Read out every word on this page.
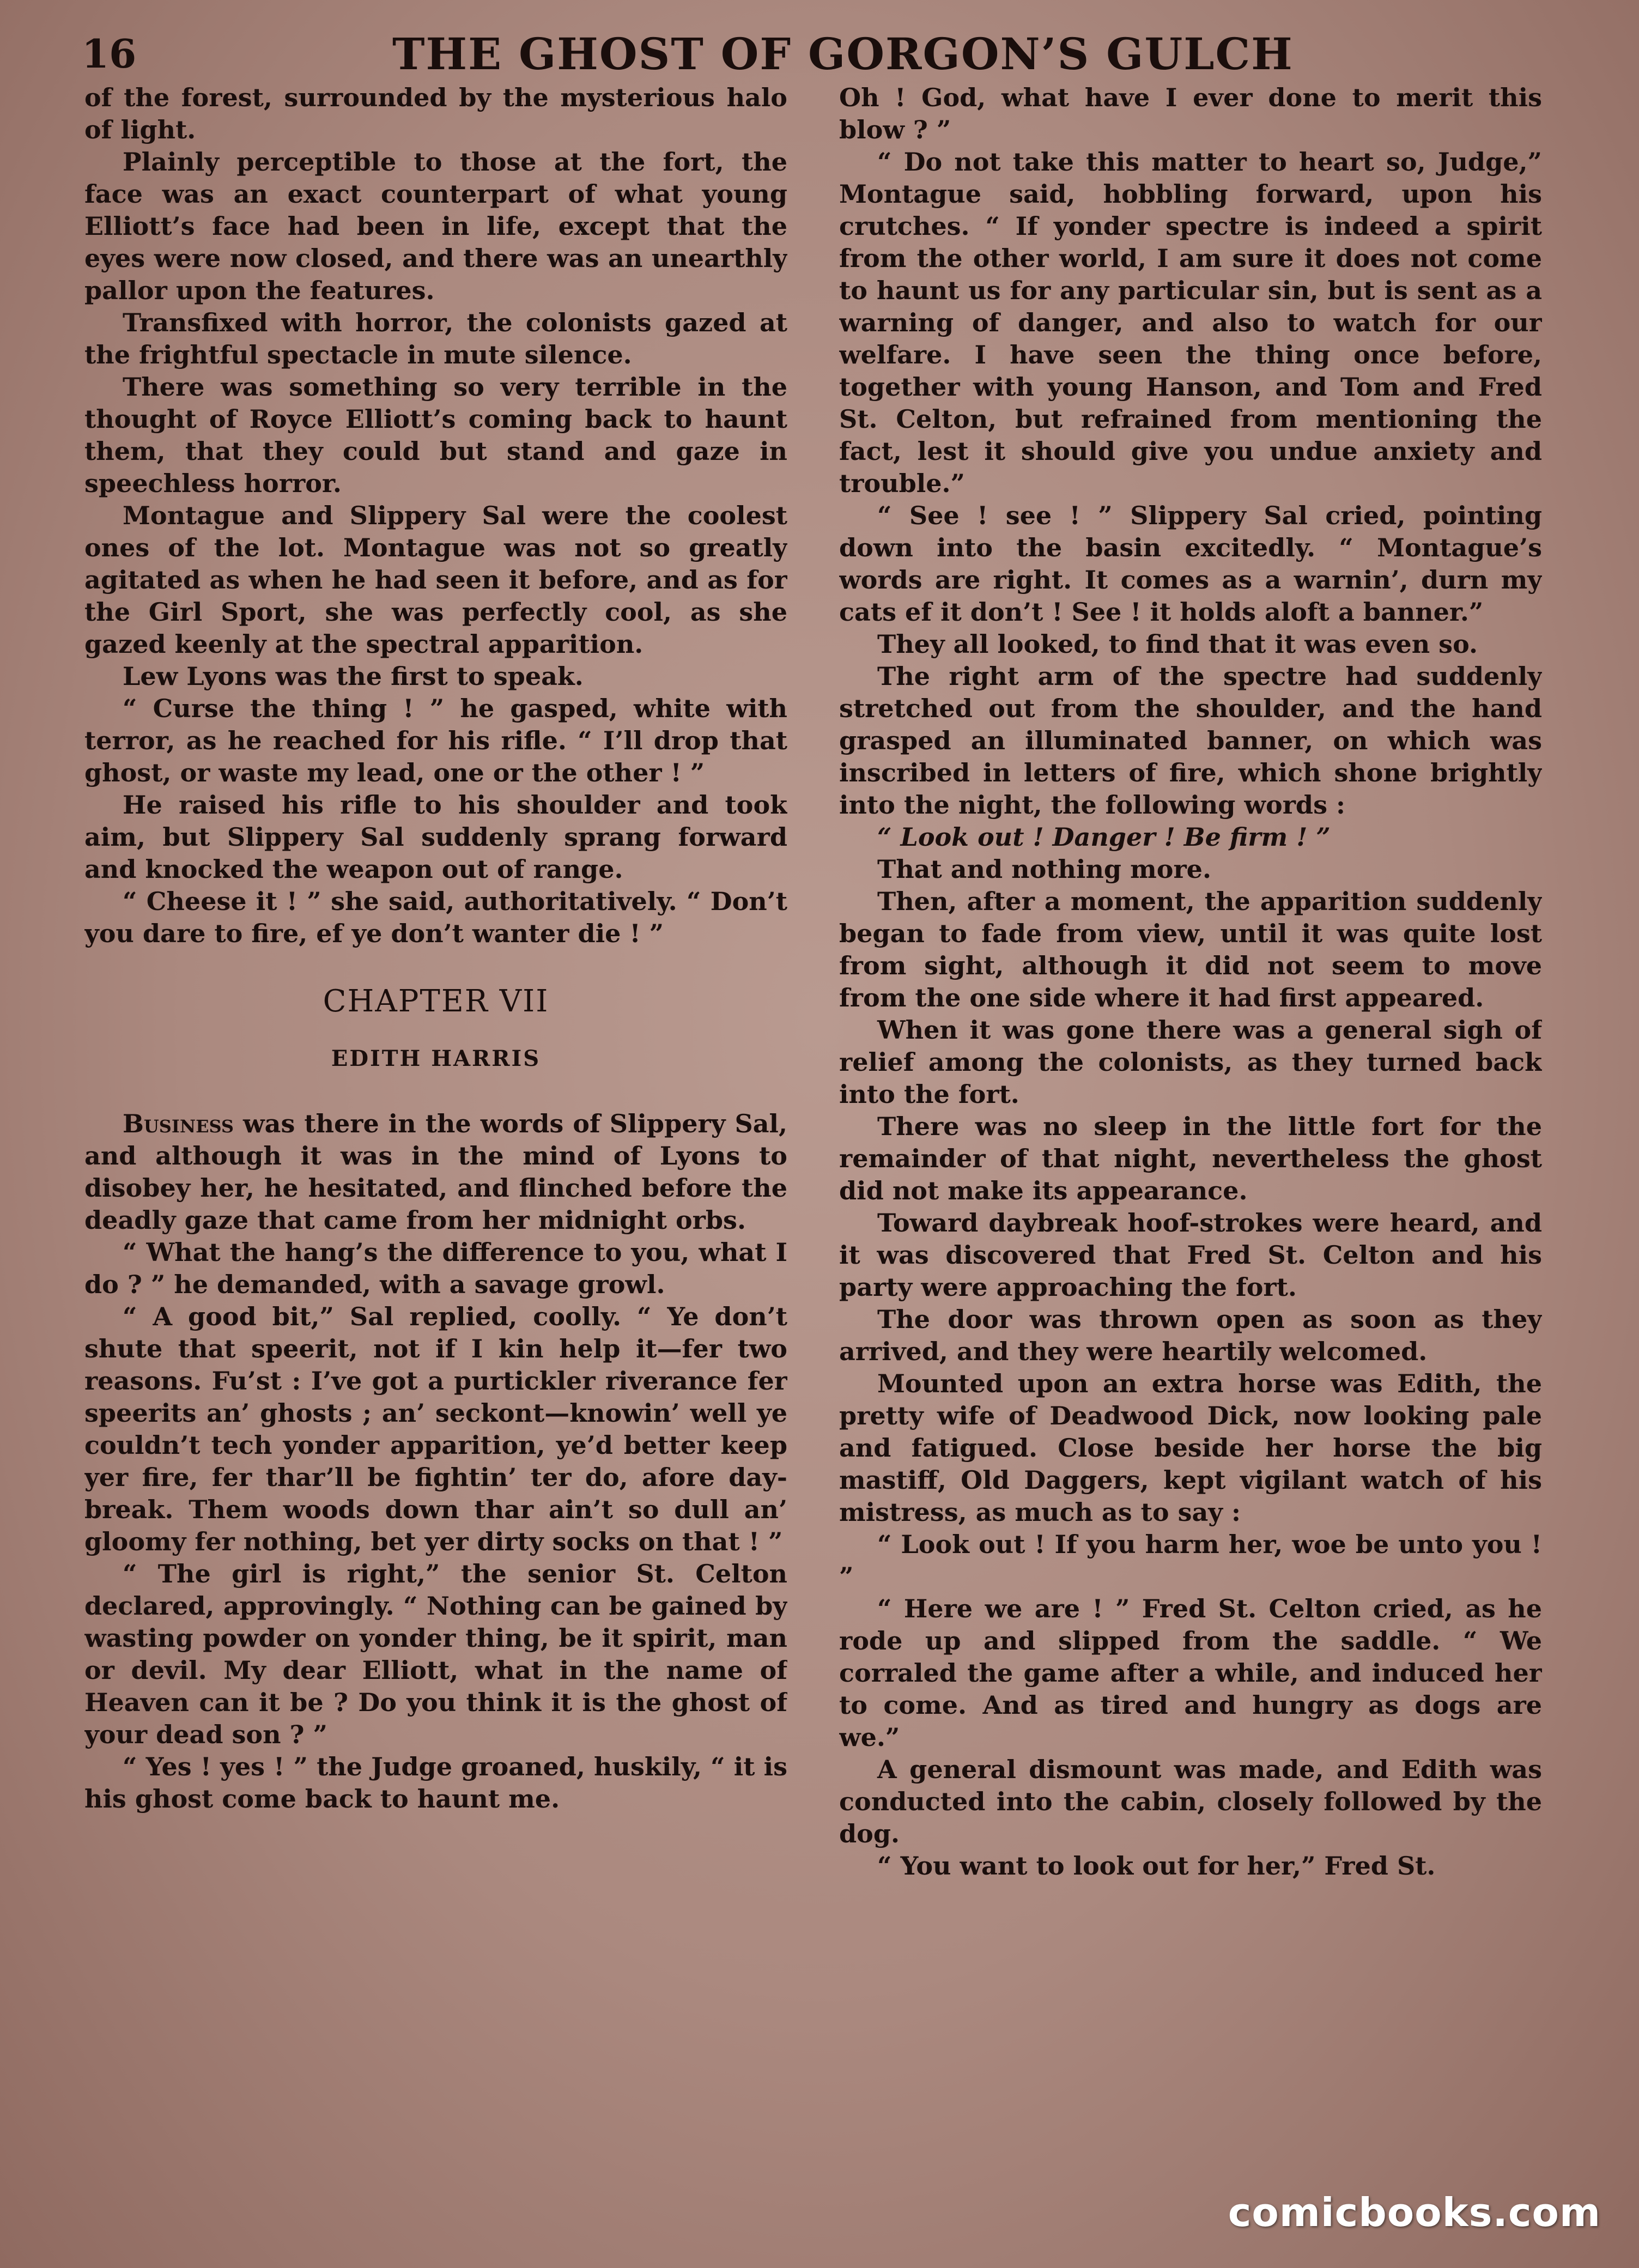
16	THE GHOST OF GORGON’S GULCH

of the forest, surrounded by the mysterious halo of light.

Plainly perceptible to those at the fort, the face was an exact counterpart of what young Elliott’s face had been in life, except that the eyes were now closed, and there was an unearthly pallor upon the features.

Transfixed with horror, the colonists gazed at the frightful spectacle in mute silence.

There was something so very terrible in the thought of Royce Elliott’s coming back to haunt them, that they could but stand and gaze in speechless horror.

Montague and Slippery Sal were the coolest ones of the lot. Montague was not so greatly agitated as when he had seen it before, and as for the Girl Sport, she was perfectly cool, as she gazed keenly at the spectral apparition.

Lew Lyons was the first to speak.

“ Curse the thing ! ” he gasped, white with terror, as he reached for his rifle. “ I’ll drop that ghost, or waste my lead, one or the other ! ”

He raised his rifle to his shoulder and took aim, but Slippery Sal suddenly sprang forward and knocked the weapon out of range.

“ Cheese it ! ” she said, authoritatively. “ Don’t you dare to fire, ef ye don’t wanter die ! ”

CHAPTER VII
EDITH HARRIS

Business was there in the words of Slippery Sal, and although it was in the mind of Lyons to disobey her, he hesitated, and flinched before the deadly gaze that came from her midnight orbs.

“ What the hang’s the difference to you, what I do ? ” he demanded, with a savage growl.

“ A good bit,” Sal replied, coolly. “ Ye don’t shute that speerit, not if I kin help it—fer two reasons. Fu’st : I’ve got a purtickler riverance fer speerits an’ ghosts ; an’ seckont—knowin’ well ye couldn’t tech yonder apparition, ye’d better keep yer fire, fer thar’ll be fightin’ ter do, afore day-break. Them woods down thar ain’t so dull an’ gloomy fer nothing, bet yer dirty socks on that ! ”

“ The girl is right,” the senior St. Celton declared, approvingly. “ Nothing can be gained by wasting powder on yonder thing, be it spirit, man or devil. My dear Elliott, what in the name of Heaven can it be ? Do you think it is the ghost of your dead son ? ”

“ Yes ! yes ! ” the Judge groaned, huskily, “ it is his ghost come back to haunt me.

Oh ! God, what have I ever done to merit this blow ? ”

“ Do not take this matter to heart so, Judge,” Montague said, hobbling forward, upon his crutches. “ If yonder spectre is indeed a spirit from the other world, I am sure it does not come to haunt us for any particular sin, but is sent as a warning of danger, and also to watch for our welfare. I have seen the thing once before, together with young Hanson, and Tom and Fred St. Celton, but refrained from mentioning the fact, lest it should give you undue anxiety and trouble.”

“ See ! see ! ” Slippery Sal cried, pointing down into the basin excitedly. “ Montague’s words are right. It comes as a warnin’, durn my cats ef it don’t ! See ! it holds aloft a banner.”

They all looked, to find that it was even so.

The right arm of the spectre had suddenly stretched out from the shoulder, and the hand grasped an illuminated banner, on which was inscribed in letters of fire, which shone brightly into the night, the following words :

“ Look out ! Danger ! Be firm ! ”

That and nothing more.

Then, after a moment, the apparition suddenly began to fade from view, until it was quite lost from sight, although it did not seem to move from the one side where it had first appeared.

When it was gone there was a general sigh of relief among the colonists, as they turned back into the fort.

There was no sleep in the little fort for the remainder of that night, nevertheless the ghost did not make its appearance.

Toward daybreak hoof-strokes were heard, and it was discovered that Fred St. Celton and his party were approaching the fort.

The door was thrown open as soon as they arrived, and they were heartily welcomed.

Mounted upon an extra horse was Edith, the pretty wife of Deadwood Dick, now looking pale and fatigued. Close beside her horse the big mastiff, Old Daggers, kept vigilant watch of his mistress, as much as to say :

“ Look out ! If you harm her, woe be unto you ! ”

“ Here we are ! ” Fred St. Celton cried, as he rode up and slipped from the saddle. “ We corraled the game after a while, and induced her to come. And as tired and hungry as dogs are we.”

A general dismount was made, and Edith was conducted into the cabin, closely followed by the dog.

“ You want to look out for her,” Fred St.

comicbooks.com
